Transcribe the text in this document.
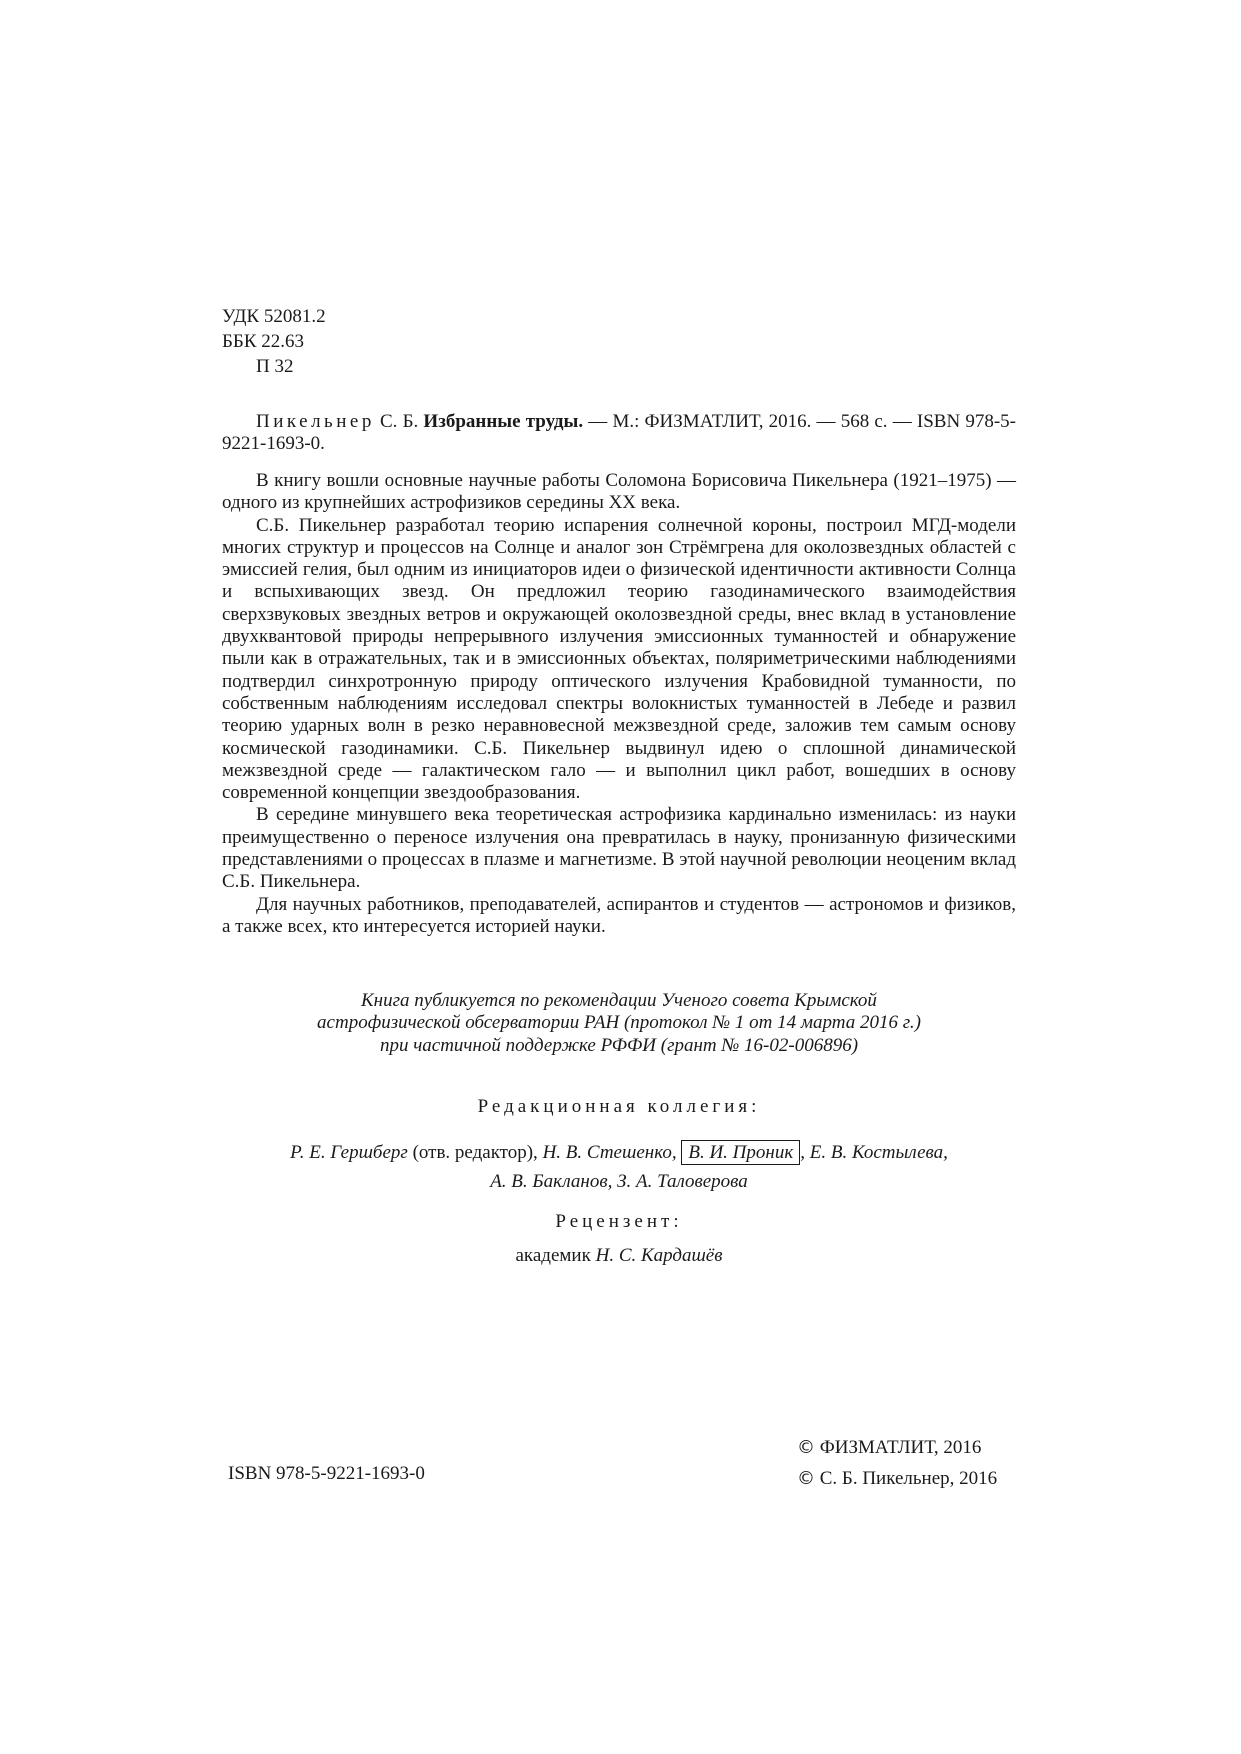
УДК 52081.2
ББК 22.63
П 32
Пикельнер С. Б. Избранные труды. — М.: ФИЗМАТЛИТ, 2016. — 568 с. — ISBN 978-5-9221-1693-0.

В книгу вошли основные научные работы Соломона Борисовича Пикельнера (1921–1975) — одного из крупнейших астрофизиков середины XX века.

С.Б. Пикельнер разработал теорию испарения солнечной короны, построил МГД-модели многих структур и процессов на Солнце и аналог зон Стрёмгрена для околозвездных областей с эмиссией гелия, был одним из инициаторов идеи о физической идентичности активности Солнца и вспыхивающих звезд. Он предложил теорию газодинамического взаимодействия сверхзвуковых звездных ветров и окружающей околозвездной среды, внес вклад в установление двухквантовой природы непрерывного излучения эмиссионных туманностей и обнаружение пыли как в отражательных, так и в эмиссионных объектах, поляриметрическими наблюдениями подтвердил синхротронную природу оптического излучения Крабовидной туманности, по собственным наблюдениям исследовал спектры волокнистых туманностей в Лебеде и развил теорию ударных волн в резко неравновесной межзвездной среде, заложив тем самым основу космической газодинамики. С.Б. Пикельнер выдвинул идею о сплошной динамической межзвездной среде — галактическом гало — и выполнил цикл работ, вошедших в основу современной концепции звездообразования.

В середине минувшего века теоретическая астрофизика кардинально изменилась: из науки преимущественно о переносе излучения она превратилась в науку, пронизанную физическими представлениями о процессах в плазме и магнетизме. В этой научной революции неоценим вклад С.Б. Пикельнера.

Для научных работников, преподавателей, аспирантов и студентов — астрономов и физиков, а также всех, кто интересуется историей науки.

Книга публикуется по рекомендации Ученого совета Крымской
астрофизической обсерватории РАН (протокол № 1 от 14 марта 2016 г.)
при частичной поддержке РФФИ (грант № 16-02-006896)
Редакционная коллегия:
Р. Е. Гершберг (отв. редактор), Н. В. Стешенко, В. И. Проник , Е. В. Костылева,
А. В. Бакланов, З. А. Таловерова
Рецензент:
академик Н. С. Кардашёв
ISBN 978-5-9221-1693-0
© ФИЗМАТЛИТ, 2016
© С. Б. Пикельнер, 2016
